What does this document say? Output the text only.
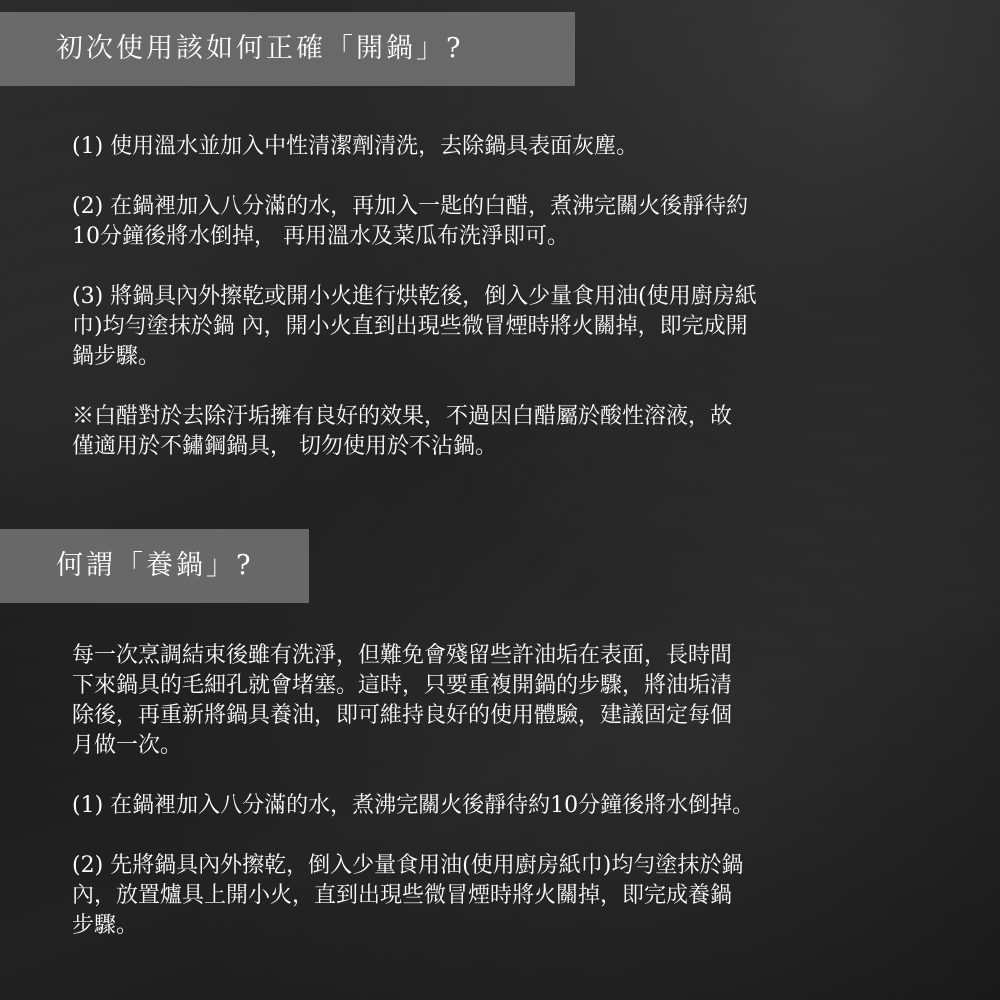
初次使用該如何正確「開鍋」?

(1) 使用溫水並加入中性清潔劑清洗，去除鍋具表面灰塵。

(2) 在鍋裡加入八分滿的水，再加入一匙的白醋，煮沸完關火後靜待約
10分鐘後將水倒掉， 再用溫水及菜瓜布洗淨即可。

(3) 將鍋具內外擦乾或開小火進行烘乾後，倒入少量食用油(使用廚房紙
巾)均勻塗抹於鍋 內，開小火直到出現些微冒煙時將火關掉，即完成開
鍋步驟。

※白醋對於去除汙垢擁有良好的效果，不過因白醋屬於酸性溶液，故
僅適用於不鏽鋼鍋具， 切勿使用於不沾鍋。

何謂「養鍋」?

每一次烹調結束後雖有洗淨，但難免會殘留些許油垢在表面，長時間
下來鍋具的毛細孔就會堵塞。這時，只要重複開鍋的步驟，將油垢清
除後，再重新將鍋具養油，即可維持良好的使用體驗，建議固定每個
月做一次。

(1) 在鍋裡加入八分滿的水，煮沸完關火後靜待約10分鐘後將水倒掉。

(2) 先將鍋具內外擦乾，倒入少量食用油(使用廚房紙巾)均勻塗抹於鍋
內，放置爐具上開小火，直到出現些微冒煙時將火關掉，即完成養鍋
步驟。
